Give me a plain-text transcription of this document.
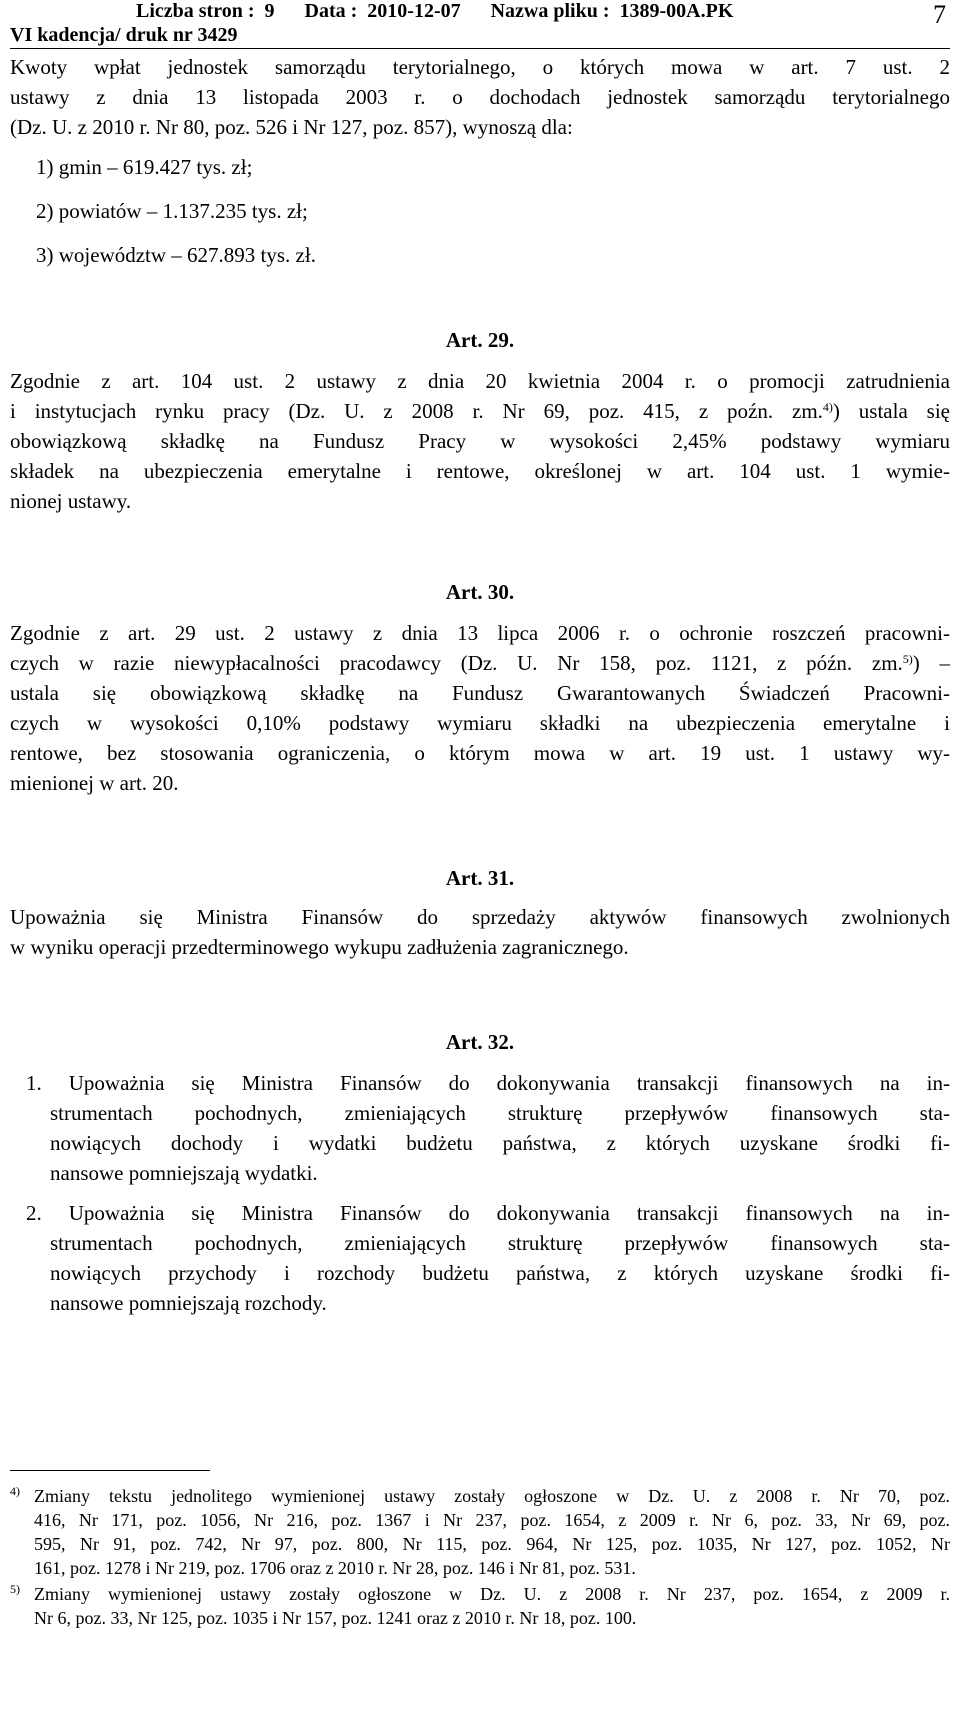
Liczba stron :  9      Data :  2010-12-07      Nazwa pliku :  1389-00A.PK
VI kadencja/ druk nr 3429
7
Kwoty wpłat jednostek samorządu terytorialnego, o których mowa w art. 7 ust. 2
ustawy z dnia 13 listopada 2003 r. o dochodach jednostek samorządu terytorialnego
(Dz. U. z 2010 r. Nr 80, poz. 526 i Nr 127, poz. 857), wynoszą dla:
1) gmin – 619.427 tys. zł;
2) powiatów – 1.137.235 tys. zł;
3) województw – 627.893 tys. zł.
Art. 29.
Zgodnie z art. 104 ust. 2 ustawy z dnia 20 kwietnia 2004 r. o promocji zatrudnienia
i instytucjach rynku pracy (Dz. U. z 2008 r. Nr 69, poz. 415, z poźn. zm.$^{4)}$) ustala się
obowiązkową składkę na Fundusz Pracy w wysokości 2,45% podstawy wymiaru
składek na ubezpieczenia emerytalne i rentowe, określonej w art. 104 ust. 1 wymie-
nionej ustawy.
Art. 30.
Zgodnie z art. 29 ust. 2 ustawy z dnia 13 lipca 2006 r. o ochronie roszczeń pracowni-
czych w razie niewypłacalności pracodawcy (Dz. U. Nr 158, poz. 1121, z późn. zm.$^{5)}$) –
ustala się obowiązkową składkę na Fundusz Gwarantowanych Świadczeń Pracowni-
czych w wysokości 0,10% podstawy wymiaru składki na ubezpieczenia emerytalne i
rentowe, bez stosowania ograniczenia, o którym mowa w art. 19 ust. 1 ustawy wy-
mienionej w art. 20.
Art. 31.
Upoważnia się Ministra Finansów do sprzedaży aktywów finansowych zwolnionych
w wyniku operacji przedterminowego wykupu zadłużenia zagranicznego.
Art. 32.
1. Upoważnia się Ministra Finansów do dokonywania transakcji finansowych na in-
strumentach pochodnych, zmieniających strukturę przepływów finansowych sta-
nowiących dochody i wydatki budżetu państwa, z których uzyskane środki fi-
nansowe pomniejszają wydatki.
2. Upoważnia się Ministra Finansów do dokonywania transakcji finansowych na in-
strumentach pochodnych, zmieniających strukturę przepływów finansowych sta-
nowiących przychody i rozchody budżetu państwa, z których uzyskane środki fi-
nansowe pomniejszają rozchody.
4) Zmiany tekstu jednolitego wymienionej ustawy zostały ogłoszone w Dz. U. z 2008 r. Nr 70, poz.
416, Nr 171, poz. 1056, Nr 216, poz. 1367 i Nr 237, poz. 1654, z 2009 r. Nr 6, poz. 33, Nr 69, poz.
595, Nr 91, poz. 742, Nr 97, poz. 800, Nr 115, poz. 964, Nr 125, poz. 1035, Nr 127, poz. 1052, Nr
161, poz. 1278 i Nr 219, poz. 1706 oraz z 2010 r. Nr 28, poz. 146 i Nr 81, poz. 531.
5) Zmiany wymienionej ustawy zostały ogłoszone w Dz. U. z 2008 r. Nr 237, poz. 1654, z 2009 r.
Nr 6, poz. 33, Nr 125, poz. 1035 i Nr 157, poz. 1241 oraz z 2010 r. Nr 18, poz. 100.
